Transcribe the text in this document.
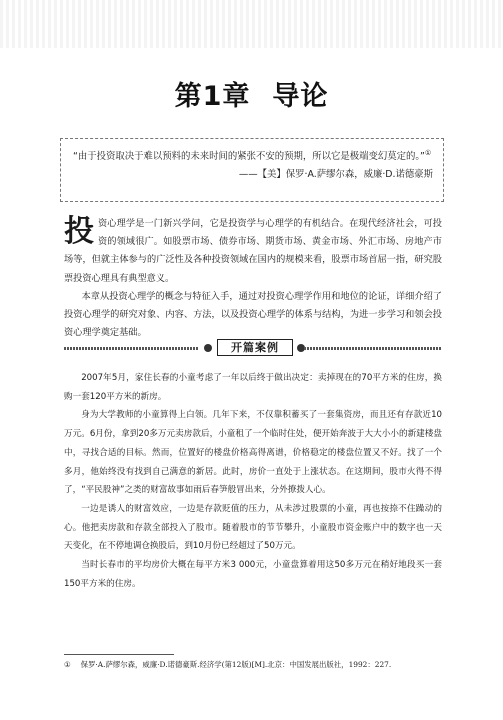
第1章 导论
“由于投资取决于难以预料的未来时间的紧张不安的预期，所以它是极端变幻莫定的。”①
——【美】保罗·A.萨缪尔森，威廉·D.诺德豪斯

投资心理学是一门新兴学问，它是投资学与心理学的有机结合。在现代经济社会，可投资的领域很广。如股票市场、债券市场、期货市场、黄金市场、外汇市场、房地产市场等，但就主体参与的广泛性及各种投资领域在国内的规模来看，股票市场首屈一指，研究股票投资心理具有典型意义。

本章从投资心理学的概念与特征入手，通过对投资心理学作用和地位的论证，详细介绍了投资心理学的研究对象、内容、方法，以及投资心理学的体系与结构，为进一步学习和领会投资心理学奠定基础。

开篇案例

2007年5月，家住长春的小童考虑了一年以后终于做出决定：卖掉现在的70平方米的住房，换购一套120平方米的新房。

身为大学教师的小童算得上白领。几年下来，不仅靠积蓄买了一套集资房，而且还有存款近10万元。6月份，拿到20多万元卖房款后，小童租了一个临时住处，便开始奔波于大大小小的新建楼盘中，寻找合适的目标。然而，位置好的楼盘价格高得离谱，价格稳定的楼盘位置又不好。找了一个多月，他始终没有找到自己满意的新居。此时，房价一直处于上涨状态。在这期间，股市火得不得了，“平民股神”之类的财富故事如雨后春笋般冒出来，分外撩拨人心。

一边是诱人的财富效应，一边是存款贬值的压力，从未涉过股票的小童，再也按捺不住躁动的心。他把卖房款和存款全部投入了股市。随着股市的节节攀升，小童股市资金账户中的数字也一天天变化，在不停地调仓换股后，到10月份已经超过了50万元。

当时长春市的平均房价大概在每平方米3 000元，小童盘算着用这50多万元在稍好地段买一套150平方米的住房。

① 保罗·A.萨缪尔森，威廉·D.诺德豪斯.经济学(第12版)[M].北京：中国发展出版社，1992：227.
